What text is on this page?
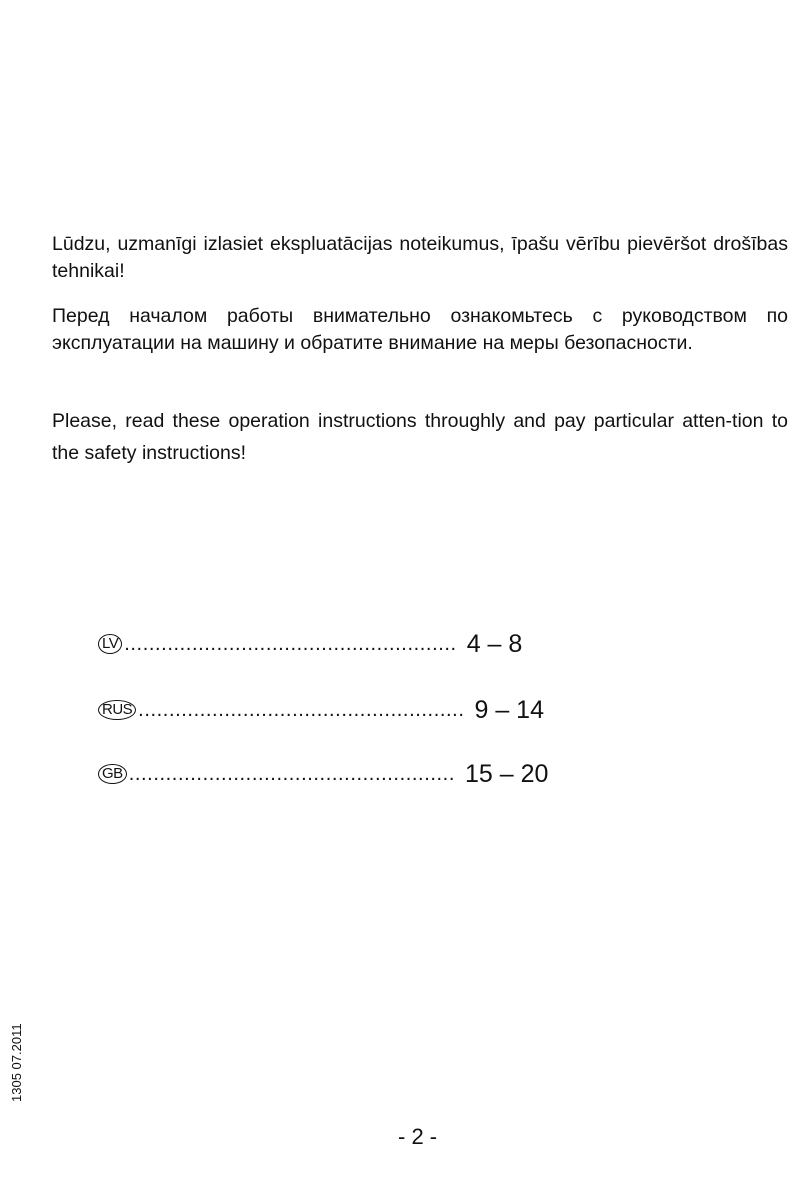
Lūdzu, uzmanīgi izlasiet ekspluatācijas noteikumus, īpašu vērību pievēršot drošības tehnikai!

Перед началом работы внимательно ознакомьтесь с руководством по эксплуатации на машину и обратите внимание на меры безопасности.

Please, read these operation instructions throughly and pay particular atten-tion to the safety instructions!

LV ...................................................... 4 – 8
RUS ..................................................... 9 – 14
GB ..................................................... 15 – 20
1305 07.2011
- 2 -
